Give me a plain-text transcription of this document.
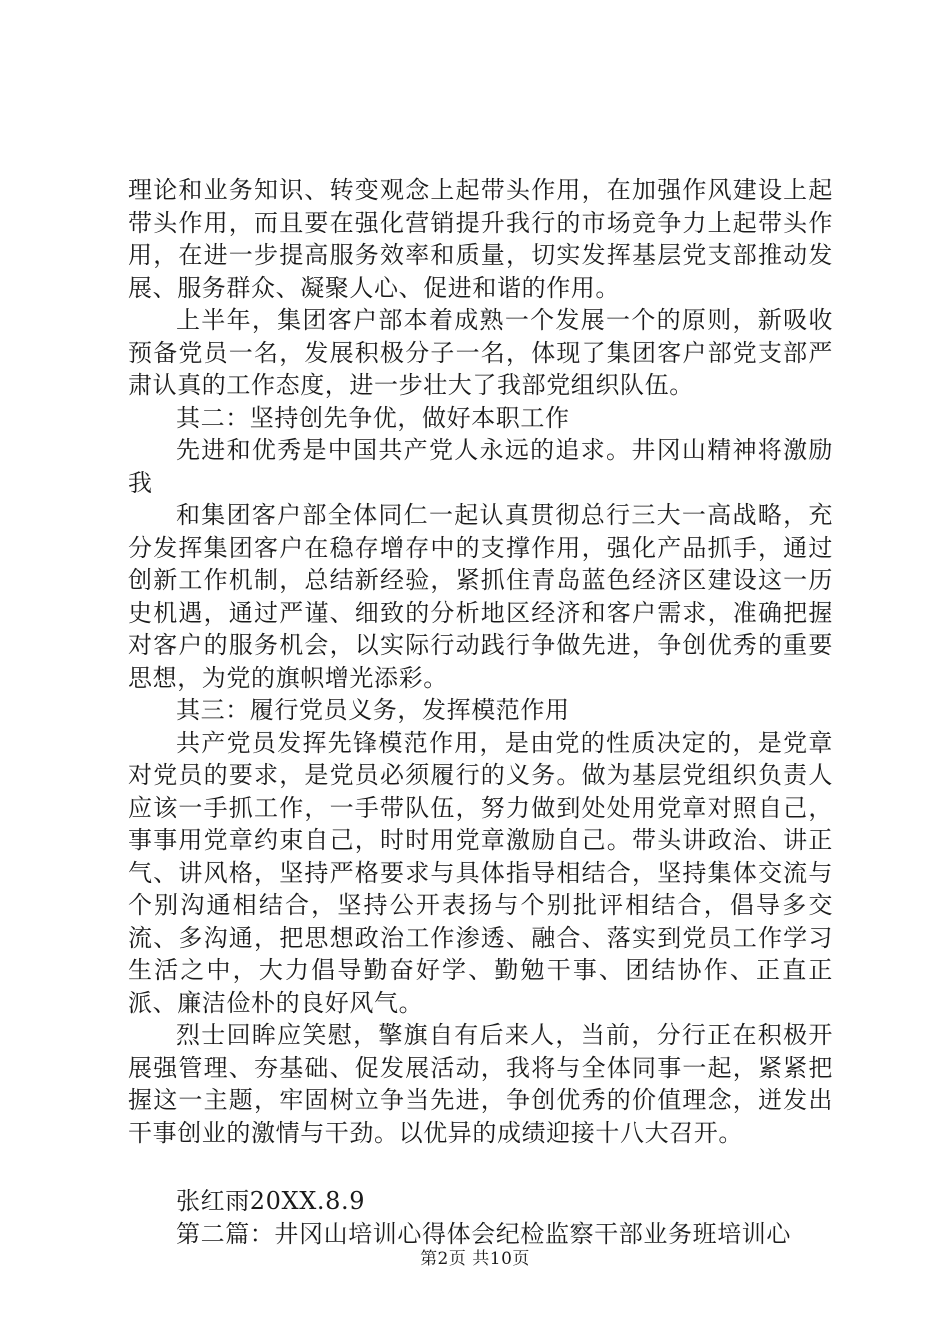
理论和业务知识、转变观念上起带头作用，在加强作风建设上起带头作用，而且要在强化营销提升我行的市场竞争力上起带头作用，在进一步提高服务效率和质量，切实发挥基层党支部推动发展、服务群众、凝聚人心、促进和谐的作用。

上半年，集团客户部本着成熟一个发展一个的原则，新吸收预备党员一名，发展积极分子一名，体现了集团客户部党支部严肃认真的工作态度，进一步壮大了我部党组织队伍。

其二：坚持创先争优，做好本职工作

先进和优秀是中国共产党人永远的追求。井冈山精神将激励我

和集团客户部全体同仁一起认真贯彻总行三大一高战略，充分发挥集团客户在稳存增存中的支撑作用，强化产品抓手，通过创新工作机制，总结新经验，紧抓住青岛蓝色经济区建设这一历史机遇，通过严谨、细致的分析地区经济和客户需求，准确把握对客户的服务机会，以实际行动践行争做先进，争创优秀的重要思想，为党的旗帜增光添彩。

其三：履行党员义务，发挥模范作用

共产党员发挥先锋模范作用，是由党的性质决定的，是党章对党员的要求，是党员必须履行的义务。做为基层党组织负责人应该一手抓工作，一手带队伍，努力做到处处用党章对照自己，事事用党章约束自己，时时用党章激励自己。带头讲政治、讲正气、讲风格，坚持严格要求与具体指导相结合，坚持集体交流与个别沟通相结合，坚持公开表扬与个别批评相结合，倡导多交流、多沟通，把思想政治工作渗透、融合、落实到党员工作学习生活之中，大力倡导勤奋好学、勤勉干事、团结协作、正直正派、廉洁俭朴的良好风气。

烈士回眸应笑慰，擎旗自有后来人，当前，分行正在积极开展强管理、夯基础、促发展活动，我将与全体同事一起，紧紧把握这一主题，牢固树立争当先进，争创优秀的价值理念，迸发出干事创业的激情与干劲。以优异的成绩迎接十八大召开。

张红雨20XX.8.9

第二篇：井冈山培训心得体会纪检监察干部业务班培训心

第2页 共10页
